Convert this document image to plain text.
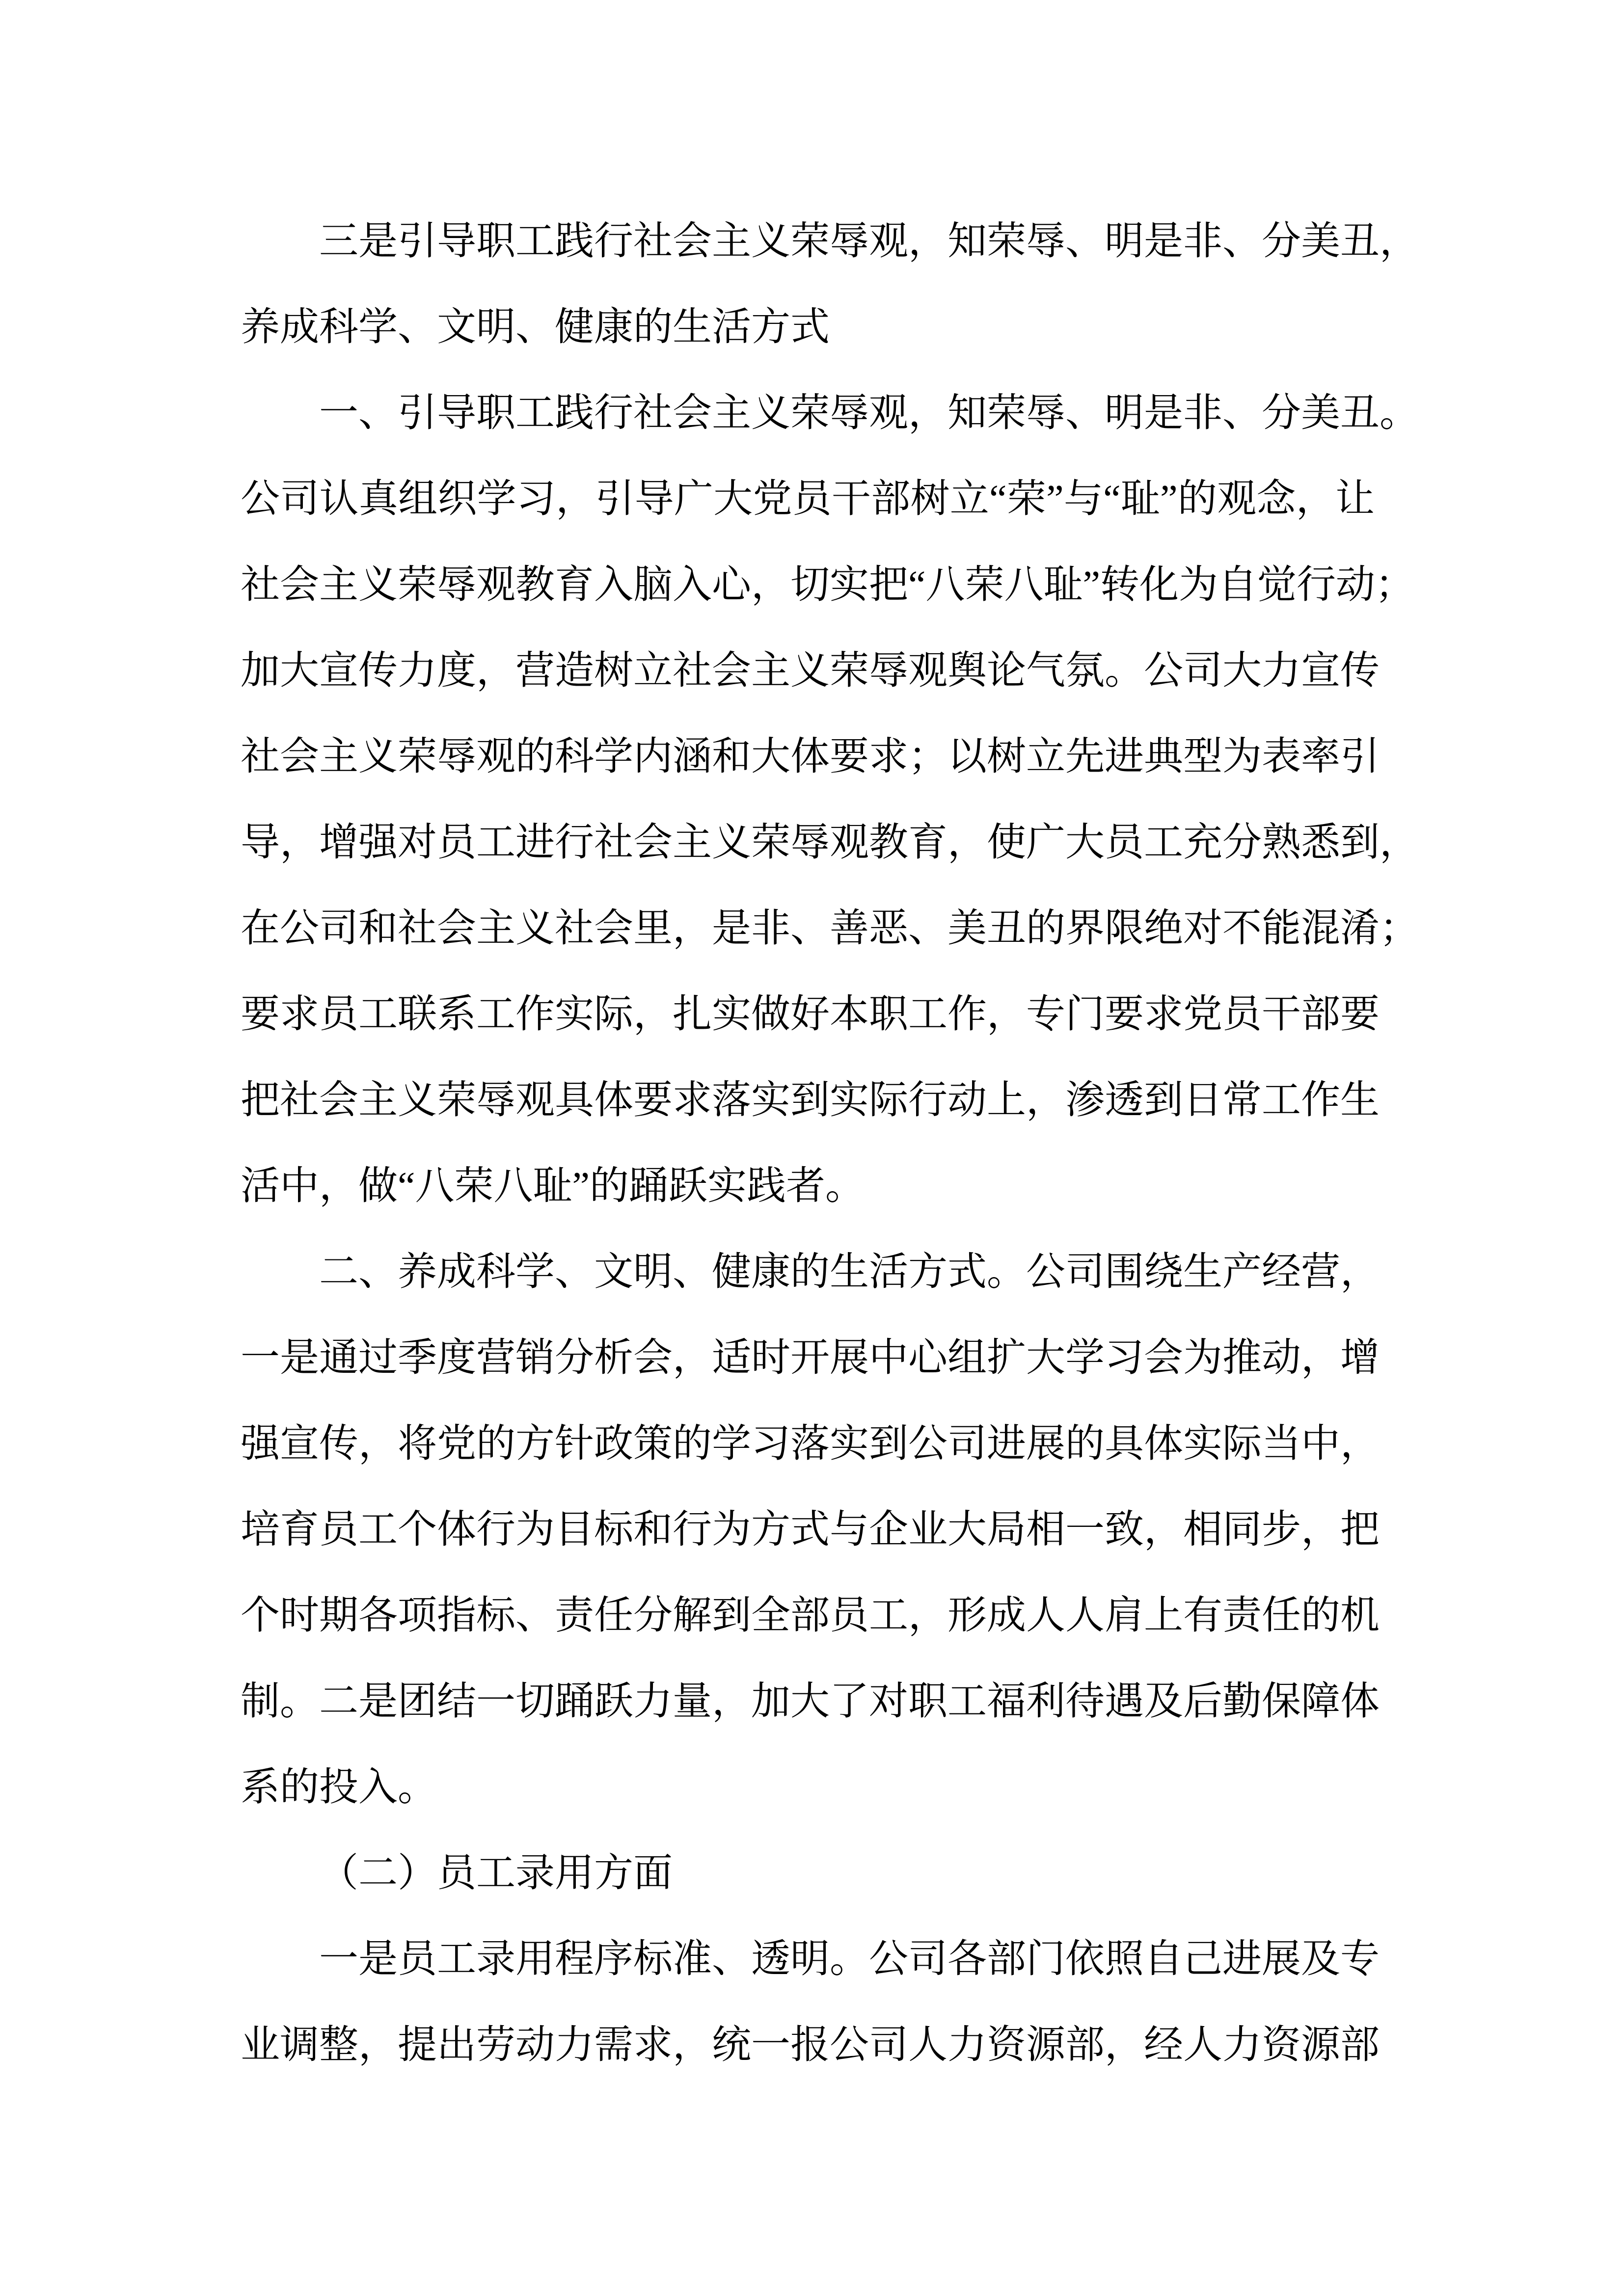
三是引导职工践行社会主义荣辱观，知荣辱、明是非、分美丑，
养成科学、文明、健康的生活方式
一、引导职工践行社会主义荣辱观，知荣辱、明是非、分美丑。
公司认真组织学习，引导广大党员干部树立“荣”与“耻”的观念，让
社会主义荣辱观教育入脑入心，切实把“八荣八耻”转化为自觉行动；
加大宣传力度，营造树立社会主义荣辱观舆论气氛。公司大力宣传
社会主义荣辱观的科学内涵和大体要求；以树立先进典型为表率引
导，增强对员工进行社会主义荣辱观教育，使广大员工充分熟悉到，
在公司和社会主义社会里，是非、善恶、美丑的界限绝对不能混淆；
要求员工联系工作实际，扎实做好本职工作，专门要求党员干部要
把社会主义荣辱观具体要求落实到实际行动上，渗透到日常工作生
活中，做“八荣八耻”的踊跃实践者。
二、养成科学、文明、健康的生活方式。公司围绕生产经营，
一是通过季度营销分析会，适时开展中心组扩大学习会为推动，增
强宣传，将党的方针政策的学习落实到公司进展的具体实际当中，
培育员工个体行为目标和行为方式与企业大局相一致，相同步，把
个时期各项指标、责任分解到全部员工，形成人人肩上有责任的机
制。二是团结一切踊跃力量，加大了对职工福利待遇及后勤保障体
系的投入。
（二）员工录用方面
一是员工录用程序标准、透明。公司各部门依照自己进展及专
业调整，提出劳动力需求，统一报公司人力资源部，经人力资源部
